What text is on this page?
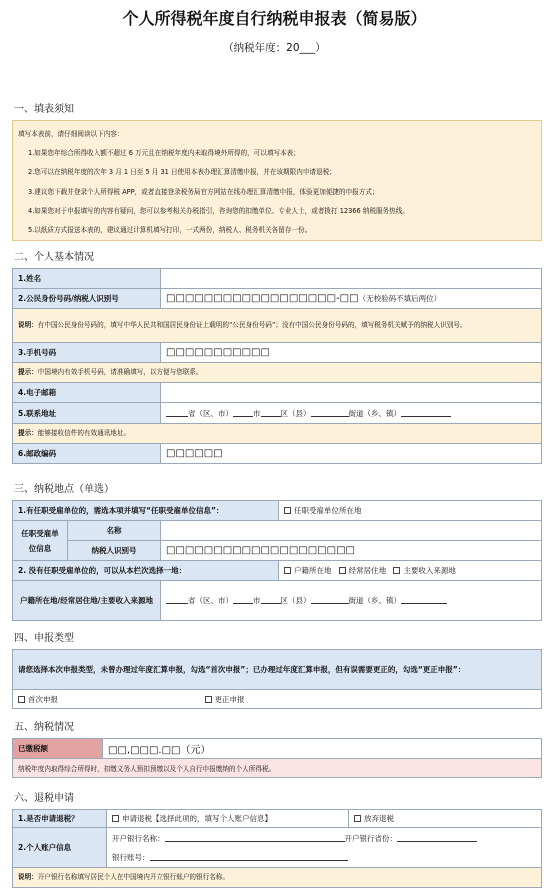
个人所得税年度自行纳税申报表（简易版）
（纳税年度：20___）
一、填表须知
填写本表前，请仔细阅读以下内容：
1.如果您年综合所得收入额不超过 6 万元且在纳税年度内未取得境外所得的，可以填写本表；
2.您可以在纳税年度的次年 3 月 1 日至 5 月 31 日使用本表办理汇算清缴申报，并在该期限内申请退税；
3.建议您下载并登录个人所得税 APP，或者直接登录税务局官方网站在线办理汇算清缴申报，体验更加便捷的申报方式；
4.如果您对于申报填写的内容有疑问，您可以参考相关办税指引，咨询您的扣缴单位、专业人士，或者拨打 12366 纳税服务热线。
5.以纸质方式报送本表的，建议通过计算机填写打印，一式两份，纳税人、税务机关各留存一份。
二、个人基本情况
1.姓名	
2.公民身份号码/纳税人识别号	□□□□□□□□□□□□□□□□□□-□□（无校验码不填后两位）
说明：有中国公民身份号码的，填写中华人民共和国居民身份证上载明的“公民身份号码”；没有中国公民身份号码的，填写税务机关赋予的纳税人识别号。	
3.手机号码	□□□□□□□□□□□
提示：中国境内有效手机号码，请准确填写，以方便与您联系。	
4.电子邮箱	
5.联系地址	省（区、市） 市 区（县） 街道（乡、镇）
提示：能够接收信件的有效通讯地址。	
6.邮政编码	□□□□□□
三、纳税地点（单选）
1.有任职受雇单位的，需选本项并填写“任职受雇单位信息”：			任职受雇单位所在地
任职受雇单位信息	名称		
	纳税人识别号	□□□□□□□□□□□□□□□□□□□□	
2. 没有任职受雇单位的，可以从本栏次选择一地：			户籍所在地 经常居住地 主要收入来源地
户籍所在地/经常居住地/主要收入来源地		省（区、市） 市 区（县） 街道（乡、镇）	
四、申报类型
请您选择本次申报类型，未曾办理过年度汇算申报，勾选“首次申报”；已办理过年度汇算申报，但有误需要更正的，勾选“更正申报”：
首次申报	更正申报
五、纳税情况
已缴税额	□□,□□□.□□（元）
纳税年度内取得综合所得时，扣缴义务人预扣预缴以及个人自行申报缴纳的个人所得税。
六、退税申请
1.是否申请退税？	申请退税【选择此项的，填写个人账户信息】	放弃退税
2.个人账户信息	开户银行名称： 开户银行省份：
银行账号：	
说明：开户银行名称填写居民个人在中国境内开立银行账户的银行名称。		
